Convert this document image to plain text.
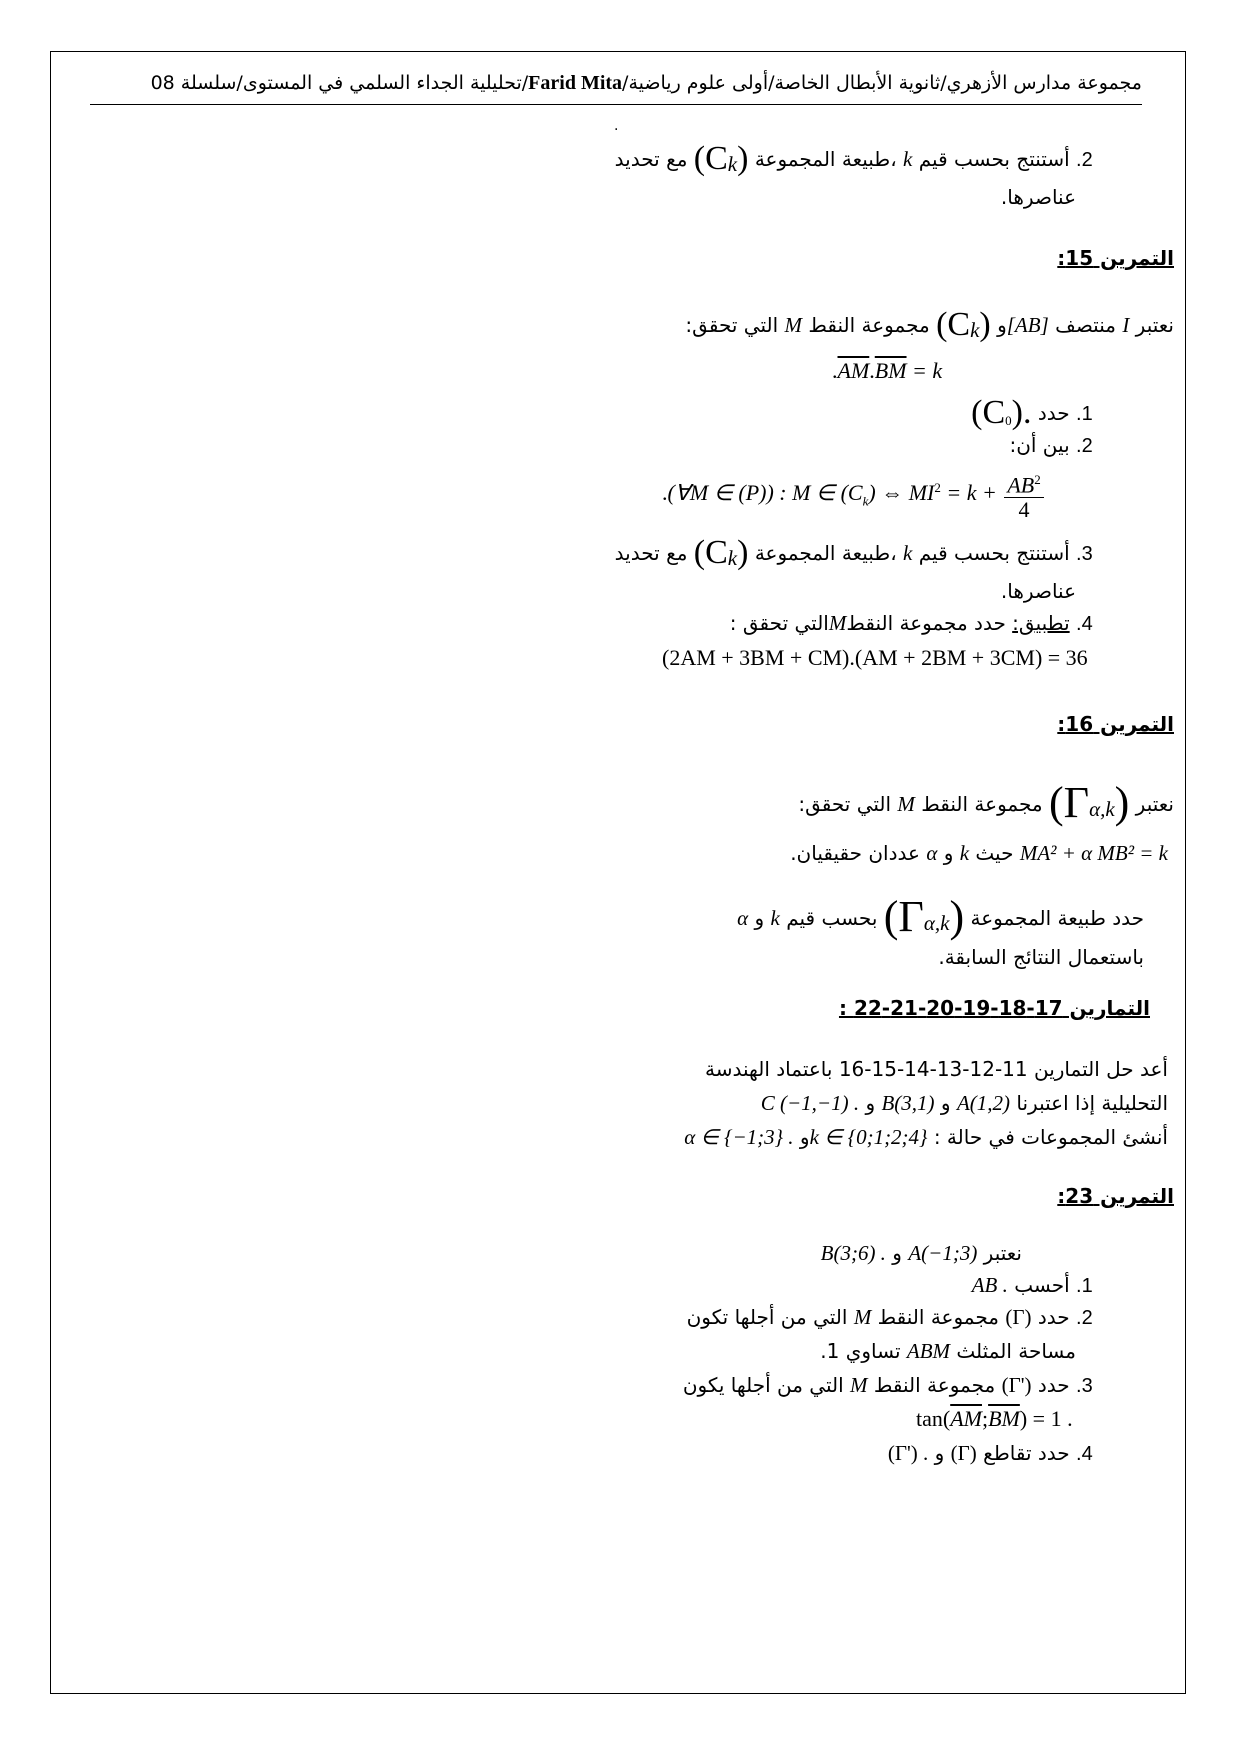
مجموعة مدارس الأزهري/ثانوية الأبطال الخاصة/أولى علوم رياضية/Farid Mita/تحليلية الجداء السلمي في المستوى/سلسلة 08
.
2. أستنتج بحسب قيم k ،طبيعة المجموعة $(C_k)$ مع تحديد
عناصرها.
التمرين 15:
نعتبر I منتصف [AB]و $(C_k)$ مجموعة النقط M التي تحقق:
$.\overline{AM}.\overline{BM} = k$
1. حدد $(C_0)$.
2. بين أن:
.(∀M ∈ (P)) : M ∈ $(C_k)$ ⇔ $MI^2 = k + \frac{AB^2}{4}$
3. أستنتج بحسب قيم k ،طبيعة المجموعة $(C_k)$ مع تحديد
عناصرها.
4. تطبيق: حدد مجموعة النقطMالتي تحقق :
(2AM + 3BM + CM).(AM + 2BM + 3CM) = 36
التمرين 16:
نعتبر $(\Gamma_{\alpha,k})$ مجموعة النقط M التي تحقق:
MA² + α MB² = k حيث k و α عددان حقيقيان.
حدد طبيعة المجموعة $(\Gamma_{\alpha,k})$ بحسب قيم k و α
باستعمال النتائج السابقة.
التمارين 17-18-19-20-21-22 :
أعد حل التمارين 11-12-13-14-15-16 باعتماد الهندسة
التحليلية إذا اعتبرنا A(1,2) و B(3,1) و C (−1,−1) .
أنشئ المجموعات في حالة : k ∈ {0;1;2;4}و α ∈ {−1;3} .
التمرين 23:
نعتبر A(−1;3) و B(3;6) .
1. أحسب AB .
2. حدد (Γ) مجموعة النقط M التي من أجلها تكون
مساحة المثلث ABM تساوي 1.
3. حدد (Γ') مجموعة النقط M التي من أجلها يكون
$\tan(\overline{AM};\overline{BM}) = 1$ .
4. حدد تقاطع (Γ) و (Γ') .
